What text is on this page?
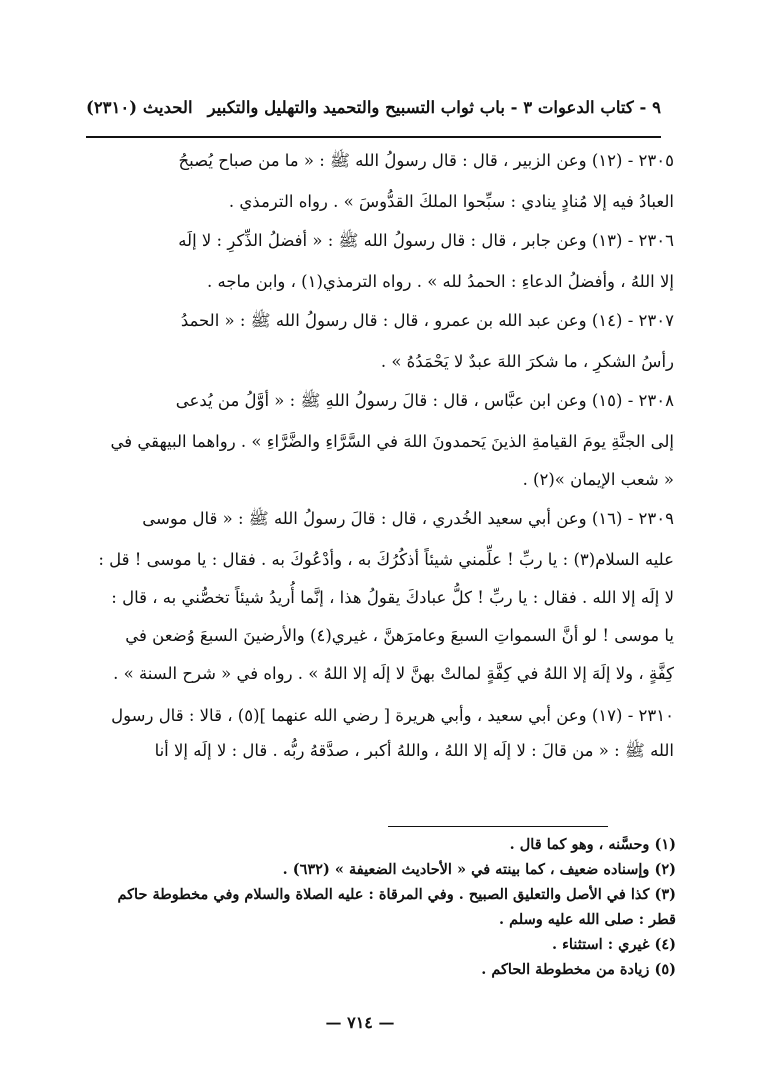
٩ - كتاب الدعوات ٣ - باب ثواب التسبيح والتحميد والتهليل والتكبير
الحديث (٢٣١٠)
٢٣٠٥ - (١٢) وعن الزبير ، قال : قال رسولُ الله ﷺ : « ما من صباح يُصبحُ
العبادُ فيه إلا مُنادٍ ينادي : سبِّحوا الملكَ القدُّوسَ » . رواه الترمذي .
٢٣٠٦ - (١٣) وعن جابر ، قال : قال رسولُ الله ﷺ : « أفضلُ الذِّكرِ : لا إلَه
إلا اللهُ ، وأفضلُ الدعاءِ : الحمدُ لله » . رواه الترمذي(١) ، وابن ماجه .
٢٣٠٧ - (١٤) وعن عبد الله بن عمرو ، قال : قال رسولُ الله ﷺ : « الحمدُ
رأسُ الشكرِ ، ما شكرَ اللهَ عبدٌ لا يَحْمَدُهُ » .
٢٣٠٨ - (١٥) وعن ابن عبَّاس ، قال : قالَ رسولُ اللهِ ﷺ : « أوَّلُ من يُدعى
إلى الجنَّةِ يومَ القيامةِ الذينَ يَحمدونَ اللهَ في السَّرَّاءِ والضَّرَّاءِ » . رواهما البيهقي في
« شعب الإيمان »(٢) .
٢٣٠٩ - (١٦) وعن أبي سعيد الخُدري ، قال : قالَ رسولُ الله ﷺ : « قال موسى
عليه السلام(٣) : يا ربِّ ! علِّمني شيئاً أذكُرُكَ به ، وأدْعُوكَ به . فقال : يا موسى ! قل :
لا إلَه إلا الله . فقال : يا ربِّ ! كلُّ عبادكَ يقولُ هذا ، إنَّما أُريدُ شيئاً تخصُّني به ، قال :
يا موسى ! لو أنَّ السمواتِ السبعَ وعامرَهنَّ ، غيري(٤) والأرضينَ السبعَ وُضعن في
كِفَّةٍ ، ولا إلَهَ إلا اللهُ في كِفَّةٍ لمالتْ بهنَّ لا إلَه إلا اللهُ » . رواه في « شرح السنة » .
٢٣١٠ - (١٧) وعن أبي سعيد ، وأبي هريرة [ رضي الله عنهما ](٥) ، قالا : قال رسول
الله ﷺ : « من قالَ : لا إلَه إلا اللهُ ، واللهُ أكبر ، صدَّقهُ ربُّه . قال : لا إلَه إلا أنا
(١) وحسَّنه ، وهو كما قال .
(٢) وإسناده ضعيف ، كما بينته في « الأحاديث الضعيفة » (٦٣٢) .
(٣) كذا في الأصل والتعليق الصبيح . وفي المرقاة : عليه الصلاة والسلام وفي مخطوطة حاكم
قطر : صلى الله عليه وسلم .
(٤) غيري : استثناء .
(٥) زيادة من مخطوطة الحاكم .
— ٧١٤ —
